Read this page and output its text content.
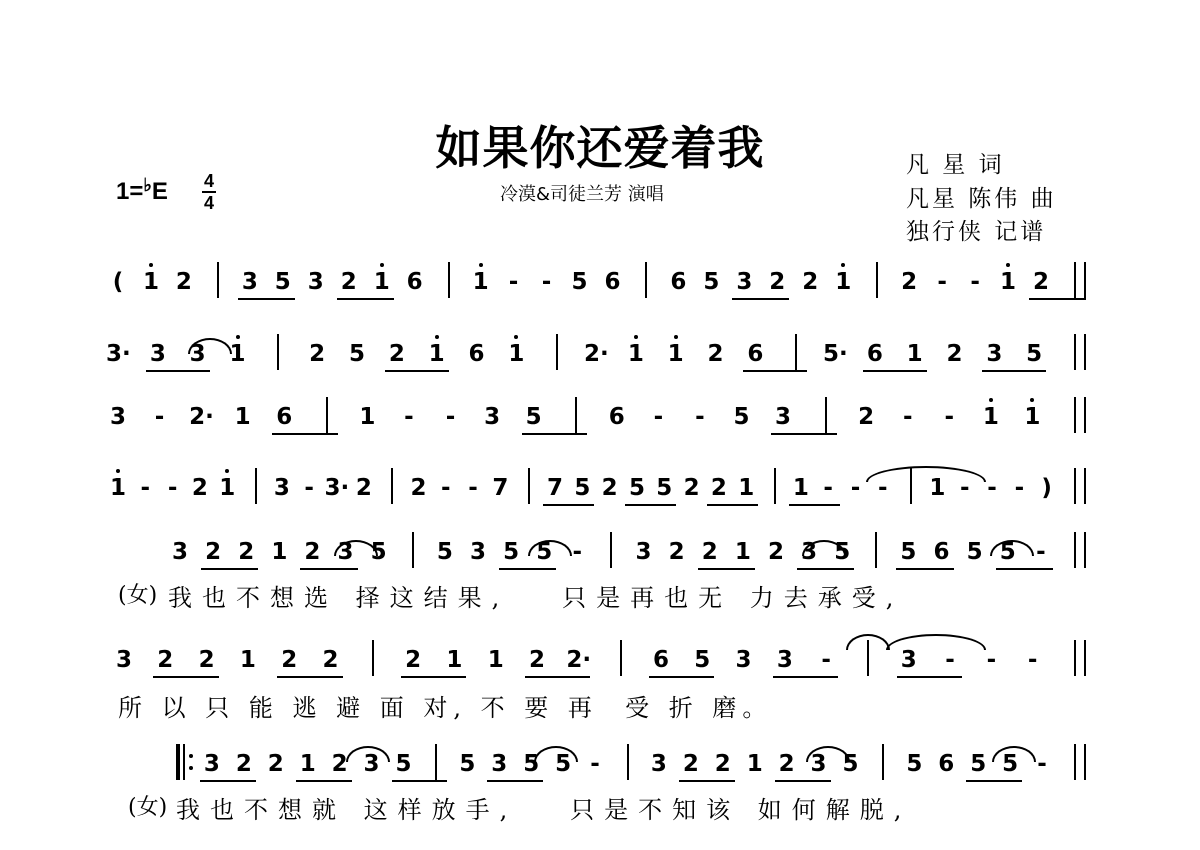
如果你还爱着我
冷漠&司徒兰芳 演唱
凡 星 词
凡星 陈伟 曲
独行侠 记谱
1=♭E 4
4
( 1 2 3 5 3 2 1 6 1 -	- 5 6 6 5 3 2 2 1 2 -	- 1 2
3· 3 3 1	2 5 2 1 6 1	2· 1 1 2 6	5· 6 1 2 3 5
3	-	2· 1 6	1	-	-	3 5	6	-	-	5 3	2	-	-	1 1
1 - - 2 1 3 - 3· 2 2 - - 7 7 5 2 5 5 2 2 1 1 - - -	1 - - - )
3 2 2 1 2 3 5 5 3 5 5 -	3 2 2 1 2 3 5 5 6 5 5 -
3 2 2 1 2 2	2 1 1 2 2·	6 5 3 3	-	3	-	-	-
3 2 2 1 2 3 5 5 3 5 5 -	3 2 2 1 2 3 5 5 6 5 5 -
(女) 我也不想选 择这结果,   只是再也无 力去承受,
所 以 只 能 逃 避 面 对, 不 要 再  受 折 磨。
(女) 我也不想就 这样放手,   只是不知该 如何解脱,
